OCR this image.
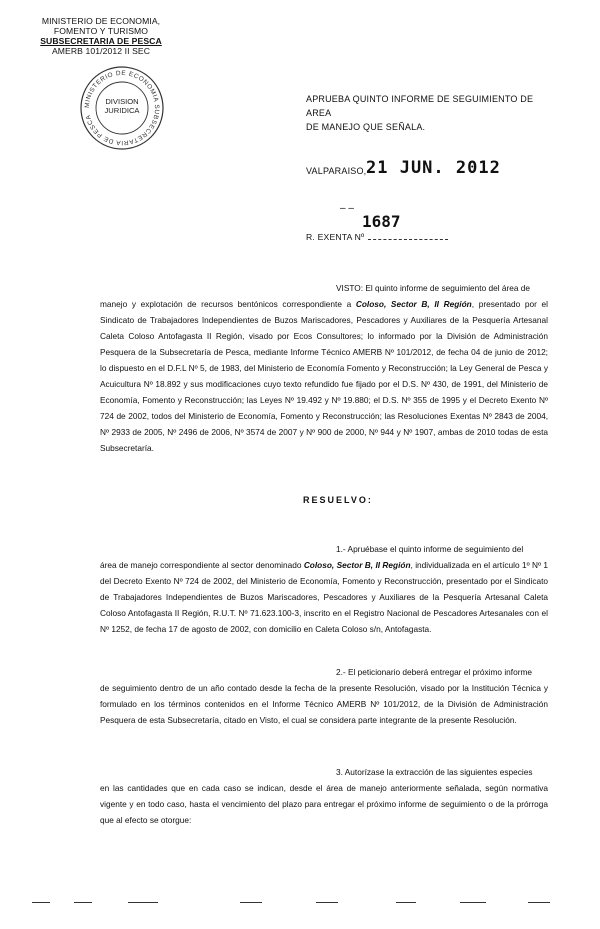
MINISTERIO DE ECONOMIA,
FOMENTO Y TURISMO
SUBSECRETARIA DE PESCA
AMERB 101/2012 II SEC
MINISTERIO DE ECONOMIA SUBSECRETARIA DE PESCA
DIVISION
JURIDICA
APRUEBA QUINTO INFORME DE SEGUIMIENTO DE AREA
DE MANEJO QUE SEÑALA.
VALPARAISO, 21 JUN. 2012
– –
1687
R. EXENTA Nº
VISTO: El quinto informe de seguimiento del área de
manejo y explotación de recursos bentónicos correspondiente a Coloso, Sector B, II Región, presentado por el Sindicato de Trabajadores Independientes de Buzos Mariscadores, Pescadores y Auxiliares de la Pesquería Artesanal Caleta Coloso Antofagasta II Región, visado por Ecos Consultores; lo informado por la División de Administración Pesquera de la Subsecretaría de Pesca, mediante Informe Técnico AMERB Nº 101/2012, de fecha 04 de junio de 2012; lo dispuesto en el D.F.L Nº 5, de 1983, del Ministerio de Economía Fomento y Reconstrucción; la Ley General de Pesca y Acuicultura Nº 18.892 y sus modificaciones cuyo texto refundido fue fijado por el D.S. Nº 430, de 1991, del Ministerio de Economía, Fomento y Reconstrucción; las Leyes Nº 19.492 y Nº 19.880; el D.S. Nº 355 de 1995 y el Decreto Exento Nº 724 de 2002, todos del Ministerio de Economía, Fomento y Reconstrucción; las Resoluciones Exentas Nº 2843 de 2004, Nº 2933 de 2005, Nº 2496 de 2006, Nº 3574 de 2007 y Nº 900 de 2000, Nº 944 y Nº 1907, ambas de 2010 todas de esta Subsecretaría.
RESUELVO:
1.- Apruébase el quinto informe de seguimiento del
área de manejo correspondiente al sector denominado Coloso, Sector B, II Región, individualizada en el artículo 1º Nº 1 del Decreto Exento Nº 724 de 2002, del Ministerio de Economía, Fomento y Reconstrucción, presentado por el Sindicato de Trabajadores Independientes de Buzos Mariscadores, Pescadores y Auxiliares de la Pesquería Artesanal Caleta Coloso Antofagasta II Región, R.U.T. Nº 71.623.100-3, inscrito en el Registro Nacional de Pescadores Artesanales con el Nº 1252, de fecha 17 de agosto de 2002, con domicilio en Caleta Coloso s/n, Antofagasta.
2.- El peticionario deberá entregar el próximo informe
de seguimiento dentro de un año contado desde la fecha de la presente Resolución, visado por la Institución Técnica y formulado en los términos contenidos en el Informe Técnico AMERB Nº 101/2012, de la División de Administración Pesquera de esta Subsecretaría, citado en Visto, el cual se considera parte integrante de la presente Resolución.
3. Autorízase la extracción de las siguientes especies
en las cantidades que en cada caso se indican, desde el área de manejo anteriormente señalada, según normativa vigente y en todo caso, hasta el vencimiento del plazo para entregar el próximo informe de seguimiento o de la prórroga que al efecto se otorgue:
